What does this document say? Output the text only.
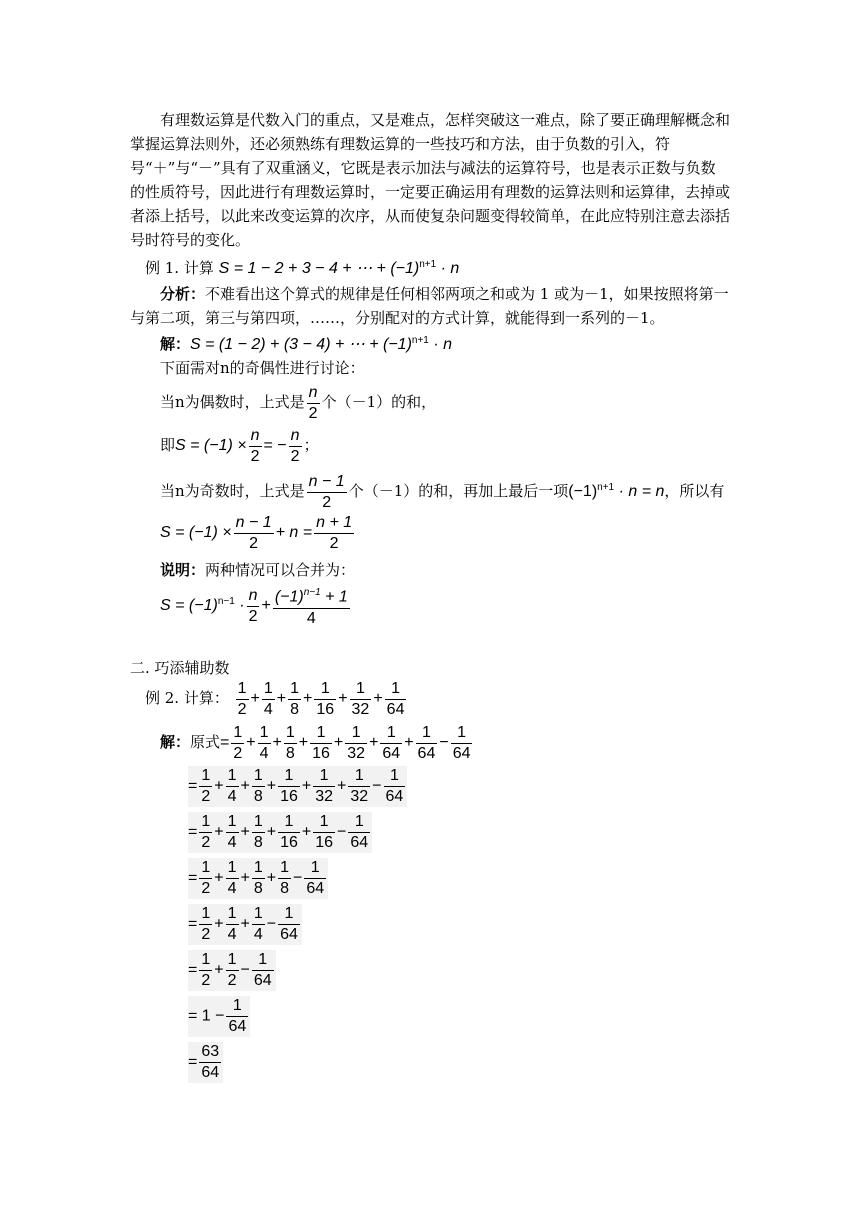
有理数运算是代数入门的重点，又是难点，怎样突破这一难点，除了要正确理解概念和掌握运算法则外，还必须熟练有理数运算的一些技巧和方法，由于负数的引入，符号“＋”与“－”具有了双重涵义，它既是表示加法与减法的运算符号，也是表示正数与负数的性质符号，因此进行有理数运算时，一定要正确运用有理数的运算法则和运算律，去掉或者添上括号，以此来改变运算的次序，从而使复杂问题变得较简单，在此应特别注意去添括号时符号的变化。

例 1. 计算 S = 1 − 2 + 3 − 4 + ⋯ + $(-1)^{n+1} \cdot n$
分析：不难看出这个算式的规律是任何相邻两项之和或为 1 或为－1，如果按照将第一与第二项，第三与第四项，……，分别配对的方式计算，就能得到一系列的－1。
解：S = (1 − 2) + (3 − 4) + ⋯ + $(-1)^{n+1} \cdot n$
下面需对n的奇偶性进行讨论：
当n为偶数时，上式是 $\frac{n}{2}$ 个（－1）的和，
即$S = (-1) \times \frac{n}{2}$ = − $\frac{n}{2}$ ；
当n为奇数时，上式是 $\frac{n - 1}{2}$ 个（－1）的和，再加上最后一项$(-1)^{n+1} \cdot n = n$，所以有
$S = (-1) \times \frac{n - 1}{2} + n = \frac{n + 1}{2}$
说明：两种情况可以合并为：
$S = (-1)^{n-1} \cdot \frac{n}{2} + \frac{(-1)^{n-1} + 1}{4}$
二. 巧添辅助数
例 2. 计算： $\frac{1}{2} + \frac{1}{4} + \frac{1}{8} + \frac{1}{16} + \frac{1}{32} + \frac{1}{64}$
解：原式= $\frac{1}{2} + \frac{1}{4} + \frac{1}{8} + \frac{1}{16} + \frac{1}{32} + \frac{1}{64} + \frac{1}{64} - \frac{1}{64}$
= $\frac{1}{2} + \frac{1}{4} + \frac{1}{8} + \frac{1}{16} + \frac{1}{32} + \frac{1}{32} - \frac{1}{64}$
= $\frac{1}{2} + \frac{1}{4} + \frac{1}{8} + \frac{1}{16} + \frac{1}{16} - \frac{1}{64}$
= $\frac{1}{2} + \frac{1}{4} + \frac{1}{8} + \frac{1}{8} - \frac{1}{64}$
= $\frac{1}{2} + \frac{1}{4} + \frac{1}{4} - \frac{1}{64}$
= $\frac{1}{2} + \frac{1}{2} - \frac{1}{64}$
= $1 - \frac{1}{64}$
= $\frac{63}{64}$
